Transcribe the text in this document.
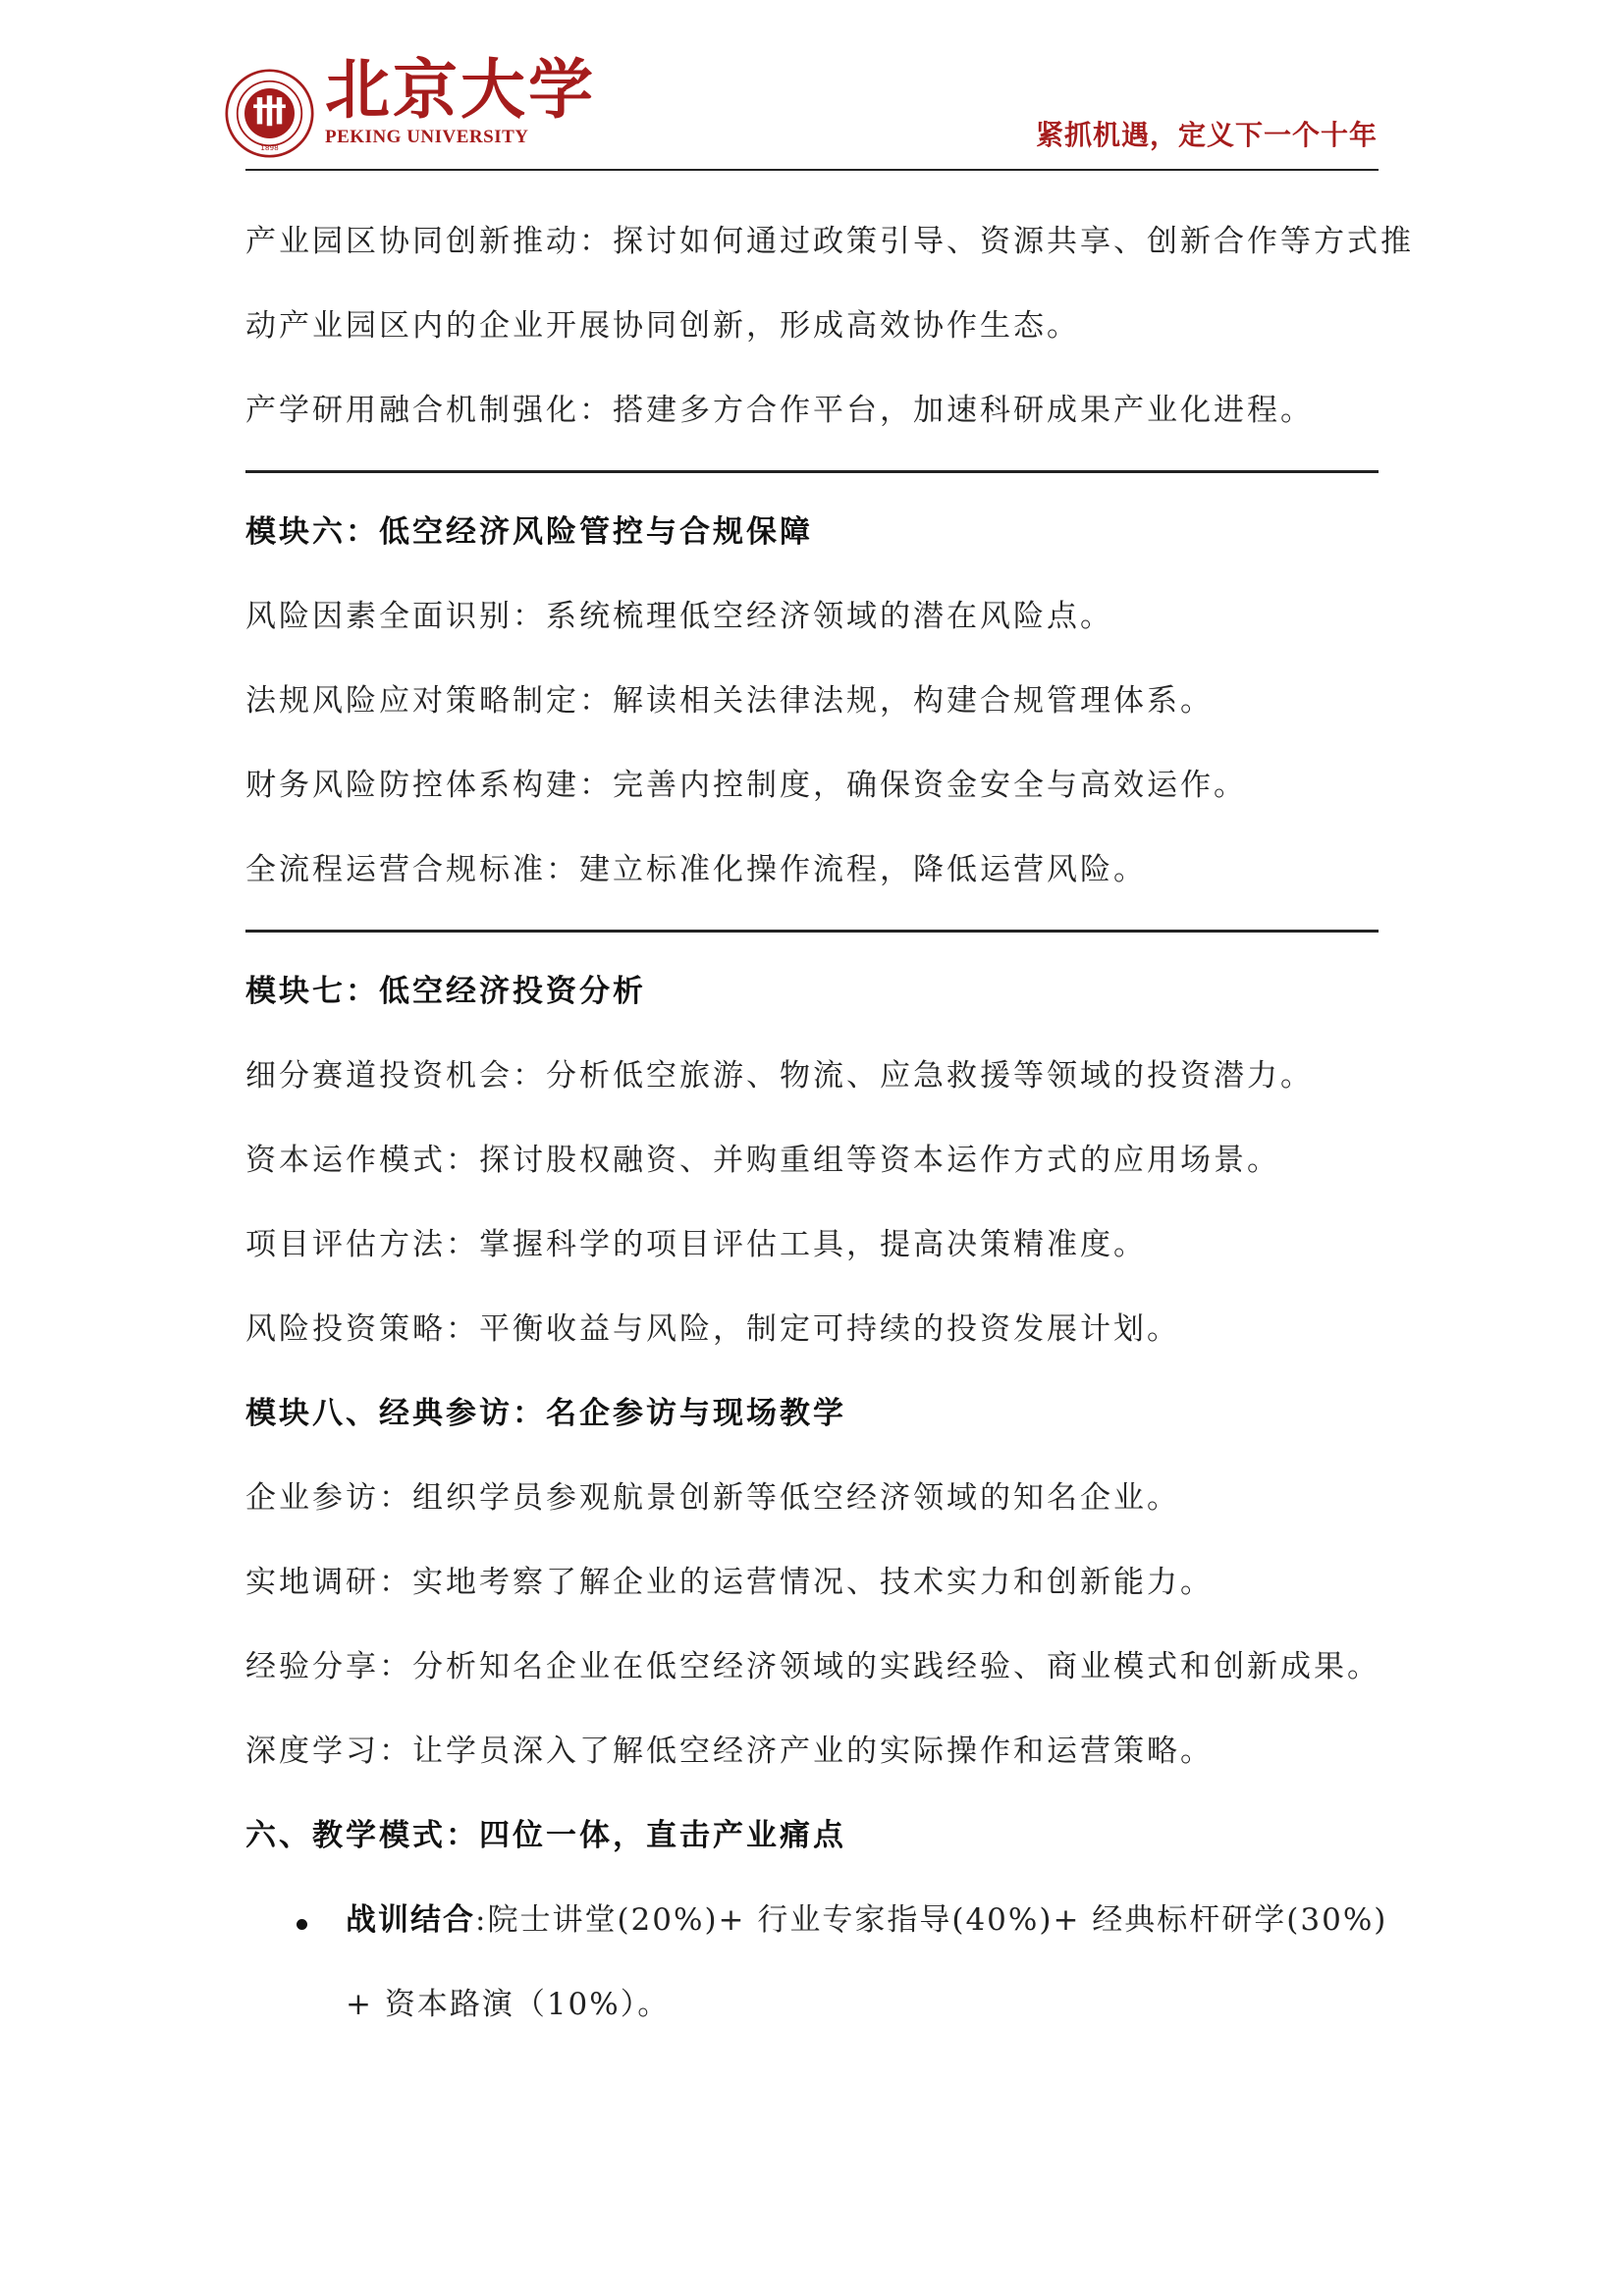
1898
北京大学
PEKING UNIVERSITY	紧抓机遇，定义下一个十年

产业园区协同创新推动：探讨如何通过政策引导、资源共享、创新合作等方式推

动产业园区内的企业开展协同创新，形成高效协作生态。

产学研用融合机制强化：搭建多方合作平台，加速科研成果产业化进程。

模块六：低空经济风险管控与合规保障

风险因素全面识别：系统梳理低空经济领域的潜在风险点。

法规风险应对策略制定：解读相关法律法规，构建合规管理体系。

财务风险防控体系构建：完善内控制度，确保资金安全与高效运作。

全流程运营合规标准：建立标准化操作流程，降低运营风险。

模块七：低空经济投资分析

细分赛道投资机会：分析低空旅游、物流、应急救援等领域的投资潜力。

资本运作模式：探讨股权融资、并购重组等资本运作方式的应用场景。

项目评估方法：掌握科学的项目评估工具，提高决策精准度。

风险投资策略：平衡收益与风险，制定可持续的投资发展计划。

模块八、经典参访：名企参访与现场教学

企业参访：组织学员参观航景创新等低空经济领域的知名企业。

实地调研：实地考察了解企业的运营情况、技术实力和创新能力。

经验分享：分析知名企业在低空经济领域的实践经验、商业模式和创新成果。

深度学习：让学员深入了解低空经济产业的实际操作和运营策略。

六、教学模式：四位一体，直击产业痛点

战训结合:院士讲堂(20%)+ 行业专家指导(40%)+ 经典标杆研学(30%)
+ 资本路演（10%）。
